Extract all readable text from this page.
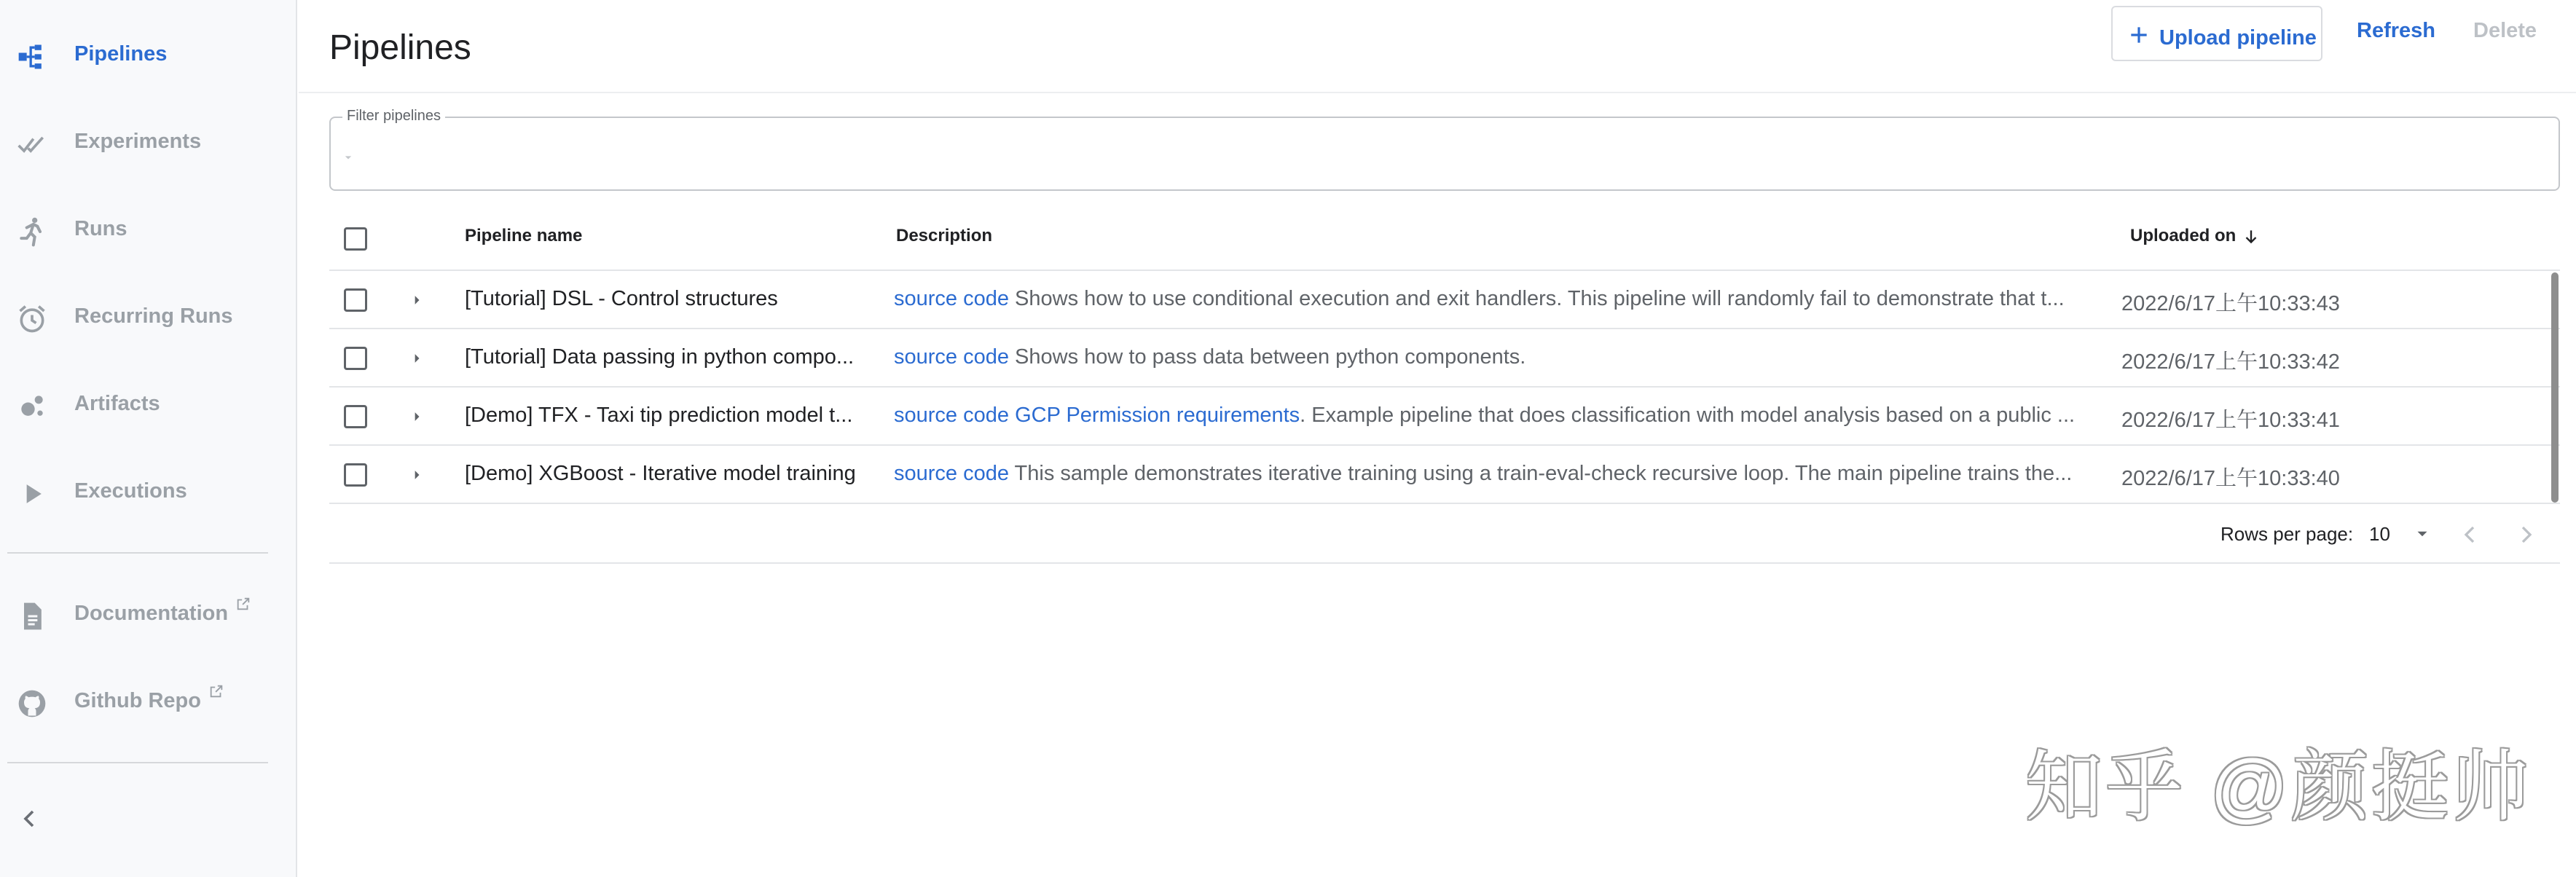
Pipelines
Experiments
Runs
Recurring Runs
Artifacts
Executions
Documentation
Github Repo
Pipelines	Upload pipeline Refresh Delete
Filter pipelines
Pipeline name	Description	Uploaded on
[Tutorial] DSL - Control structures	source code Shows how to use conditional execution and exit handlers. This pipeline will randomly fail to demonstrate that t...	2022/6/17上午10:33:43
[Tutorial] Data passing in python compo...	source code Shows how to pass data between python components.	2022/6/17上午10:33:42
[Demo] TFX - Taxi tip prediction model t...	source code GCP Permission requirements. Example pipeline that does classification with model analysis based on a public ...	2022/6/17上午10:33:41
[Demo] XGBoost - Iterative model training	source code This sample demonstrates iterative training using a train-eval-check recursive loop. The main pipeline trains the...	2022/6/17上午10:33:40
Rows per page: 10
知乎 @颜挺帅
